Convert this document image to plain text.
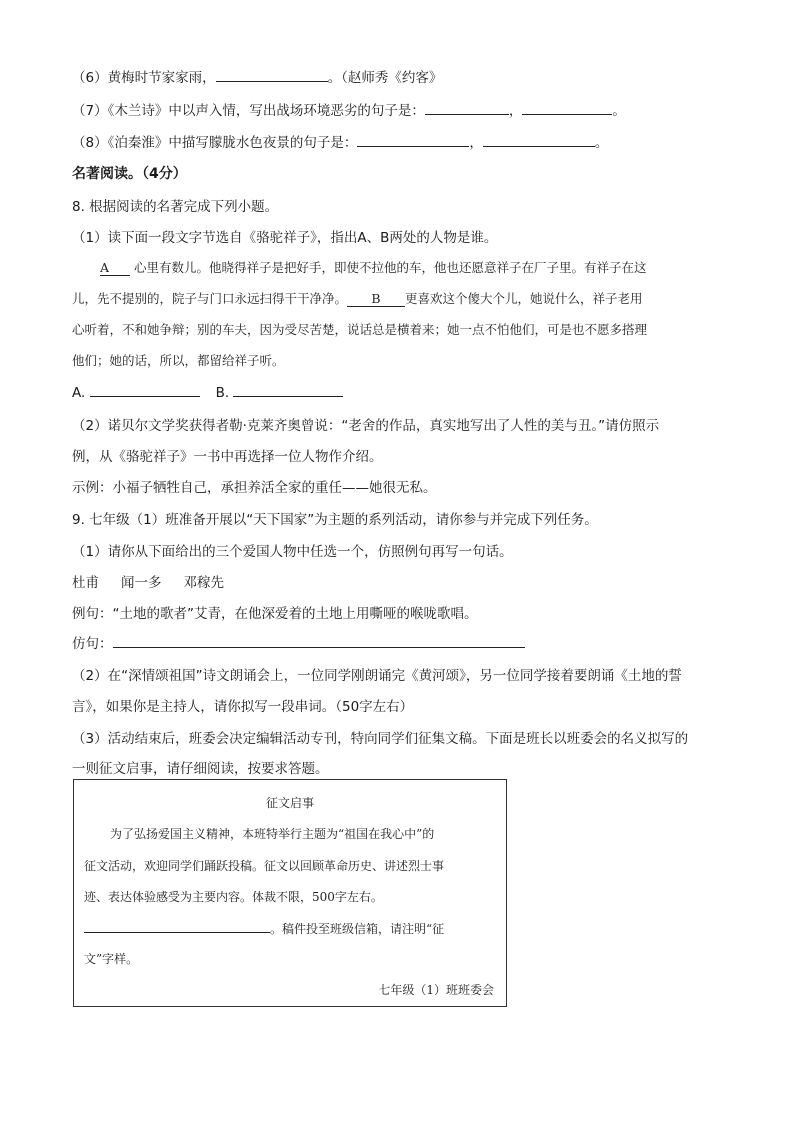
（6）黄梅时节家家雨，	。（赵师秀《约客》
（7）《木兰诗》中以声入情，写出战场环境恶劣的句子是：	，	。
（8）《泊秦淮》中描写朦胧水色夜景的句子是：	，	。
名著阅读。（4分）
8. 根据阅读的名著完成下列小题。
（1）读下面一段文字节选自《骆驼祥子》，指出A、B两处的人物是谁。
A 心里有数儿。他晓得祥子是把好手，即使不拉他的车，他也还愿意祥子在厂子里。有祥子在这
儿，先不提别的，院子与门口永远扫得干干净净。 B 更喜欢这个傻大个儿，她说什么，祥子老用
心听着，不和她争辩；别的车夫，因为受尽苦楚，说话总是横着来；她一点不怕他们，可是也不愿多搭理
他们；她的话，所以，都留给祥子听。
A.	B.
（2）诺贝尔文学奖获得者勒·克莱齐奥曾说：“老舍的作品，真实地写出了人性的美与丑。”请仿照示
例，从《骆驼祥子》一书中再选择一位人物作介绍。
示例：小福子牺牲自己，承担养活全家的重任——她很无私。
9. 七年级（1）班准备开展以“天下国家”为主题的系列活动，请你参与并完成下列任务。
（1）请你从下面给出的三个爱国人物中任选一个，仿照例句再写一句话。
杜甫 闻一多 邓稼先
例句：“土地的歌者”艾青，在他深爱着的土地上用嘶哑的喉咙歌唱。
仿句：
（2）在“深情颂祖国”诗文朗诵会上，一位同学刚朗诵完《黄河颂》，另一位同学接着要朗诵《土地的誓
言》，如果你是主持人，请你拟写一段串词。（50字左右）
（3）活动结束后，班委会决定编辑活动专刊，特向同学们征集文稿。下面是班长以班委会的名义拟写的
一则征文启事，请仔细阅读，按要求答题。
征文启事
为了弘扬爱国主义精神，本班特举行主题为“祖国在我心中”的
征文活动，欢迎同学们踊跃投稿。征文以回顾革命历史、讲述烈士事
迹、表达体验感受为主要内容。体裁不限，500字左右。
。稿件投至班级信箱，请注明“征
文”字样。
七年级（1）班班委会
